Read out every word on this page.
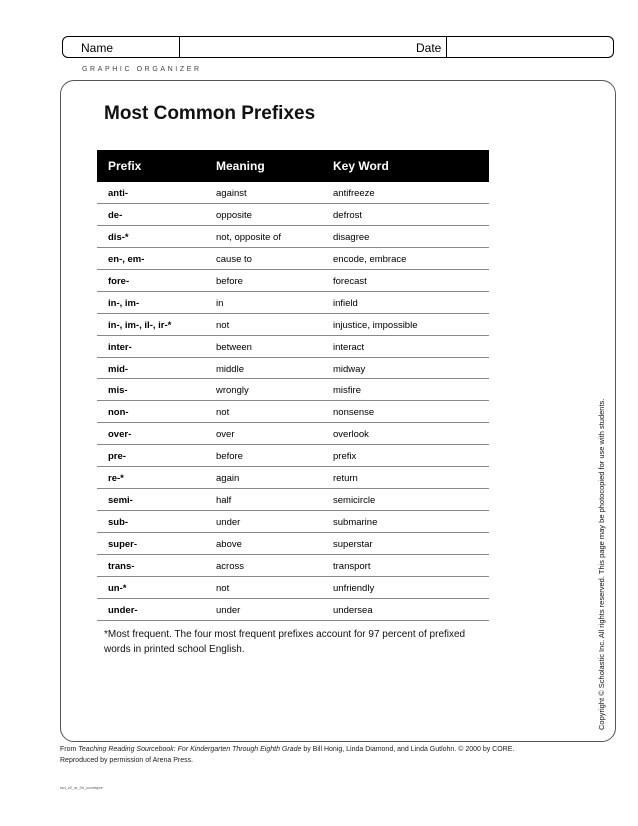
Name	Date
GRAPHIC ORGANIZER
Most Common Prefixes
Prefix	Meaning	Key Word
anti-	against	antifreeze
de-	opposite	defrost
dis-*	not, opposite of	disagree
en-, em-	cause to	encode, embrace
fore-	before	forecast
in-, im-	in	infield
in-, im-, il-, ir-*	not	injustice, impossible
inter-	between	interact
mid-	middle	midway
mis-	wrongly	misfire
non-	not	nonsense
over-	over	overlook
pre-	before	prefix
re-*	again	return
semi-	half	semicircle
sub-	under	submarine
super-	above	superstar
trans-	across	transport
un-*	not	unfriendly
under-	under	undersea
*Most frequent. The four most frequent prefixes account for 97 percent of prefixed words in printed school English.	Copyright © Scholastic Inc. All rights reserved. This page may be photocopied for use with students.
From Teaching Reading Sourcebook: For Kindergarten Through Eighth Grade by Bill Honig, Linda Diamond, and Linda Gutlohn. © 2000 by CORE.
Reproduced by permission of Arena Press.
rsd_c2_st_04_commpre
